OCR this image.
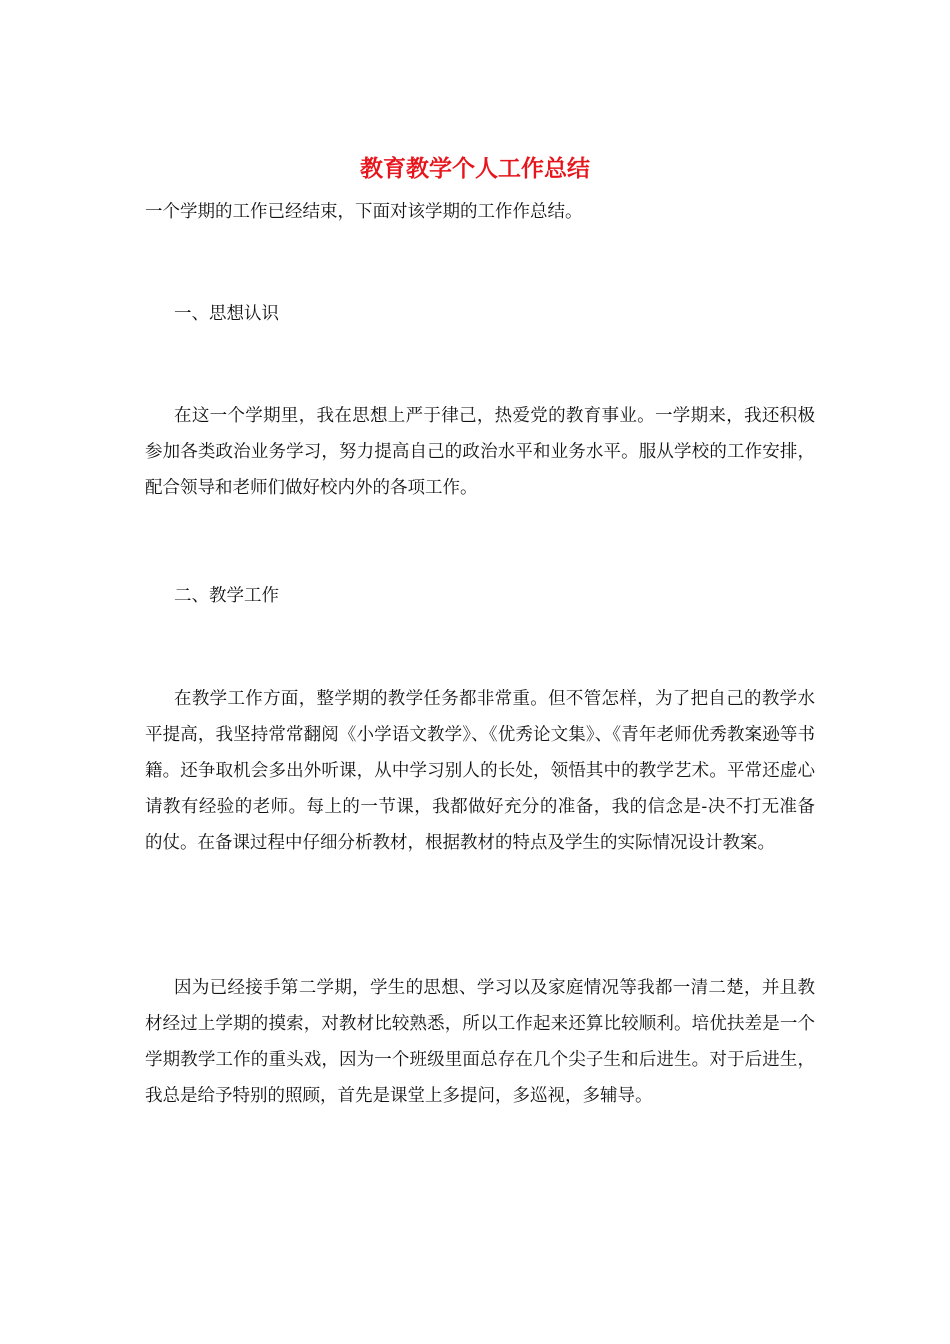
教育教学个人工作总结

一个学期的工作已经结束，下面对该学期的工作作总结。

一、思想认识

在这一个学期里，我在思想上严于律己，热爱党的教育事业。一学期来，我还积极参加各类政治业务学习，努力提高自己的政治水平和业务水平。服从学校的工作安排，配合领导和老师们做好校内外的各项工作。

二、教学工作

在教学工作方面，整学期的教学任务都非常重。但不管怎样，为了把自己的教学水平提高，我坚持常常翻阅《小学语文教学》、《优秀论文集》、《青年老师优秀教案逊等书籍。还争取机会多出外听课，从中学习别人的长处，领悟其中的教学艺术。平常还虚心请教有经验的老师。每上的一节课，我都做好充分的准备，我的信念是-决不打无准备的仗。在备课过程中仔细分析教材，根据教材的特点及学生的实际情况设计教案。

因为已经接手第二学期，学生的思想、学习以及家庭情况等我都一清二楚，并且教材经过上学期的摸索，对教材比较熟悉，所以工作起来还算比较顺利。培优扶差是一个学期教学工作的重头戏，因为一个班级里面总存在几个尖子生和后进生。对于后进生，我总是给予特别的照顾，首先是课堂上多提问，多巡视，多辅导。
